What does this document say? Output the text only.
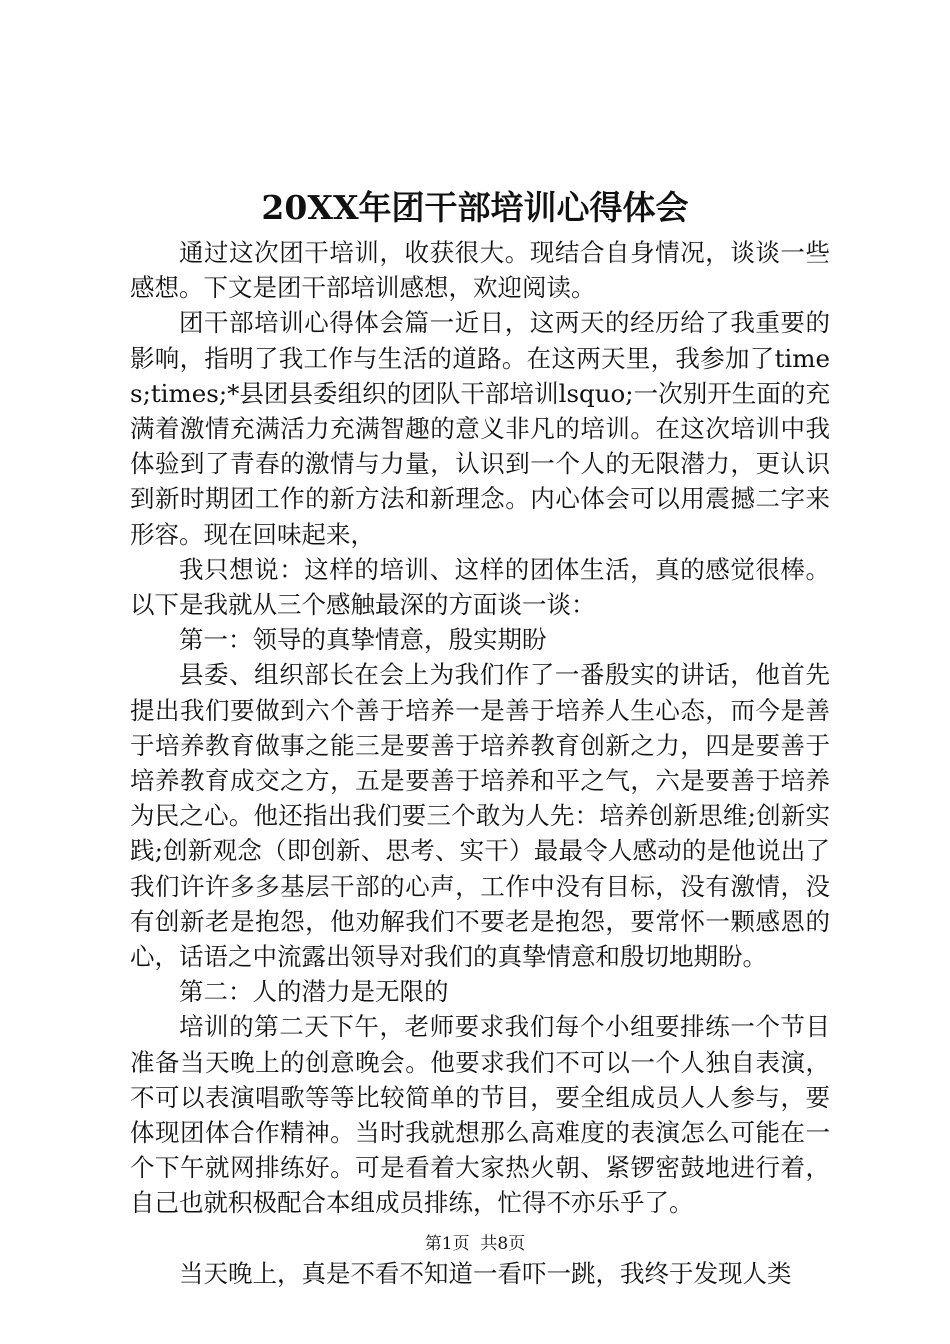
20XX年团干部培训心得体会

通过这次团干培训，收获很大。现结合自身情况，谈谈一些感想。下文是团干部培训感想，欢迎阅读。

团干部培训心得体会篇一近日，这两天的经历给了我重要的影响，指明了我工作与生活的道路。在这两天里，我参加了times;times;*县团县委组织的团队干部培训lsquo;一次别开生面的充满着激情充满活力充满智趣的意义非凡的培训。在这次培训中我体验到了青春的激情与力量，认识到一个人的无限潜力，更认识到新时期团工作的新方法和新理念。内心体会可以用震撼二字来形容。现在回味起来，

我只想说：这样的培训、这样的团体生活，真的感觉很棒。以下是我就从三个感触最深的方面谈一谈：

第一：领导的真挚情意，殷实期盼

县委、组织部长在会上为我们作了一番殷实的讲话，他首先提出我们要做到六个善于培养一是善于培养人生心态，而今是善于培养教育做事之能三是要善于培养教育创新之力，四是要善于培养教育成交之方，五是要善于培养和平之气，六是要善于培养为民之心。他还指出我们要三个敢为人先：培养创新思维;创新实践;创新观念（即创新、思考、实干）最最令人感动的是他说出了我们许许多多基层干部的心声，工作中没有目标，没有激情，没有创新老是抱怨，他劝解我们不要老是抱怨，要常怀一颗感恩的心，话语之中流露出领导对我们的真挚情意和殷切地期盼。

第二：人的潜力是无限的

培训的第二天下午，老师要求我们每个小组要排练一个节目准备当天晚上的创意晚会。他要求我们不可以一个人独自表演，不可以表演唱歌等等比较简单的节目，要全组成员人人参与，要体现团体合作精神。当时我就想那么高难度的表演怎么可能在一个下午就网排练好。可是看着大家热火朝、紧锣密鼓地进行着，自己也就积极配合本组成员排练，忙得不亦乐乎了。

当天晚上，真是不看不知道一看吓一跳，我终于发现人类

第1页  共8页
